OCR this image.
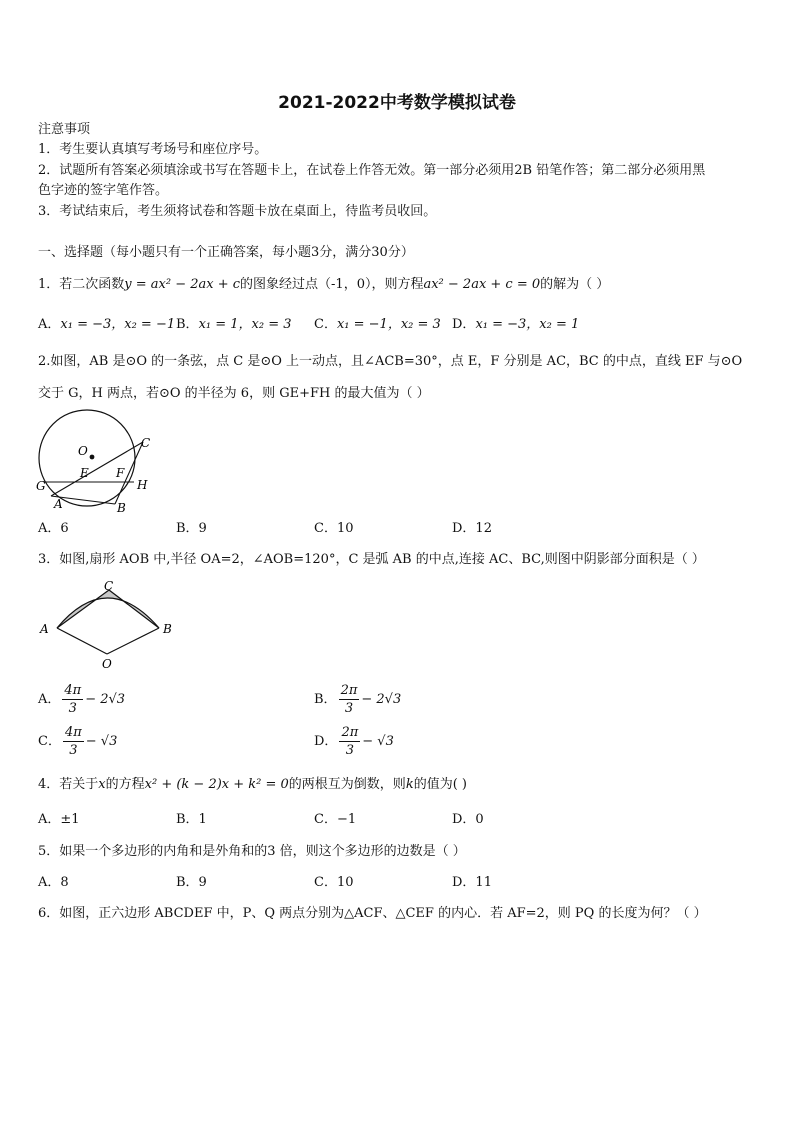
2021-2022中考数学模拟试卷
注意事项
1．考生要认真填写考场号和座位序号。
2．试题所有答案必须填涂或书写在答题卡上，在试卷上作答无效。第一部分必须用2B 铅笔作答；第二部分必须用黑
色字迹的签字笔作答。
3．考试结束后，考生须将试卷和答题卡放在桌面上，待监考员收回。
一、选择题（每小题只有一个正确答案，每小题3分，满分30分）
1．若二次函数y = ax² − 2ax + c的图象经过点（-1，0），则方程ax² − 2ax + c = 0的解为（ ）
A．x₁ = −3，x₂ = −1 B．x₁ = 1，x₂ = 3 C．x₁ = −1，x₂ = 3 D．x₁ = −3，x₂ = 1
2.如图，AB 是⊙O 的一条弦，点 C 是⊙O 上一动点，且∠ACB=30°，点 E，F 分别是 AC，BC 的中点，直线 EF 与⊙O
交于 G，H 两点，若⊙O 的半径为 6，则 GE+FH 的最大值为（ ）
O
C
E F
G	H
A	B
A．6	B．9	C．10	D．12
3．如图,扇形 AOB 中,半径 OA=2，∠AOB=120°，C 是弧 AB 的中点,连接 AC、BC,则图中阴影部分面积是（ ）
C
A	B
O
A． $\frac{4\pi}{3} - 2√3$	B． $\frac{2\pi}{3} - 2√3$
C． $\frac{4\pi}{3} - √3$	D． $\frac{2\pi}{3} - √3$
4．若关于x的方程x² + (k − 2)x + k² = 0的两根互为倒数，则k的值为( )
A．±1	B．1	C．−1	D．0
5．如果一个多边形的内角和是外角和的3 倍，则这个多边形的边数是（ ）
A．8	B．9	C．10	D．11
6．如图，正六边形 ABCDEF 中，P、Q 两点分别为△ACF、△CEF 的内心．若 AF=2，则 PQ 的长度为何？（ ）
